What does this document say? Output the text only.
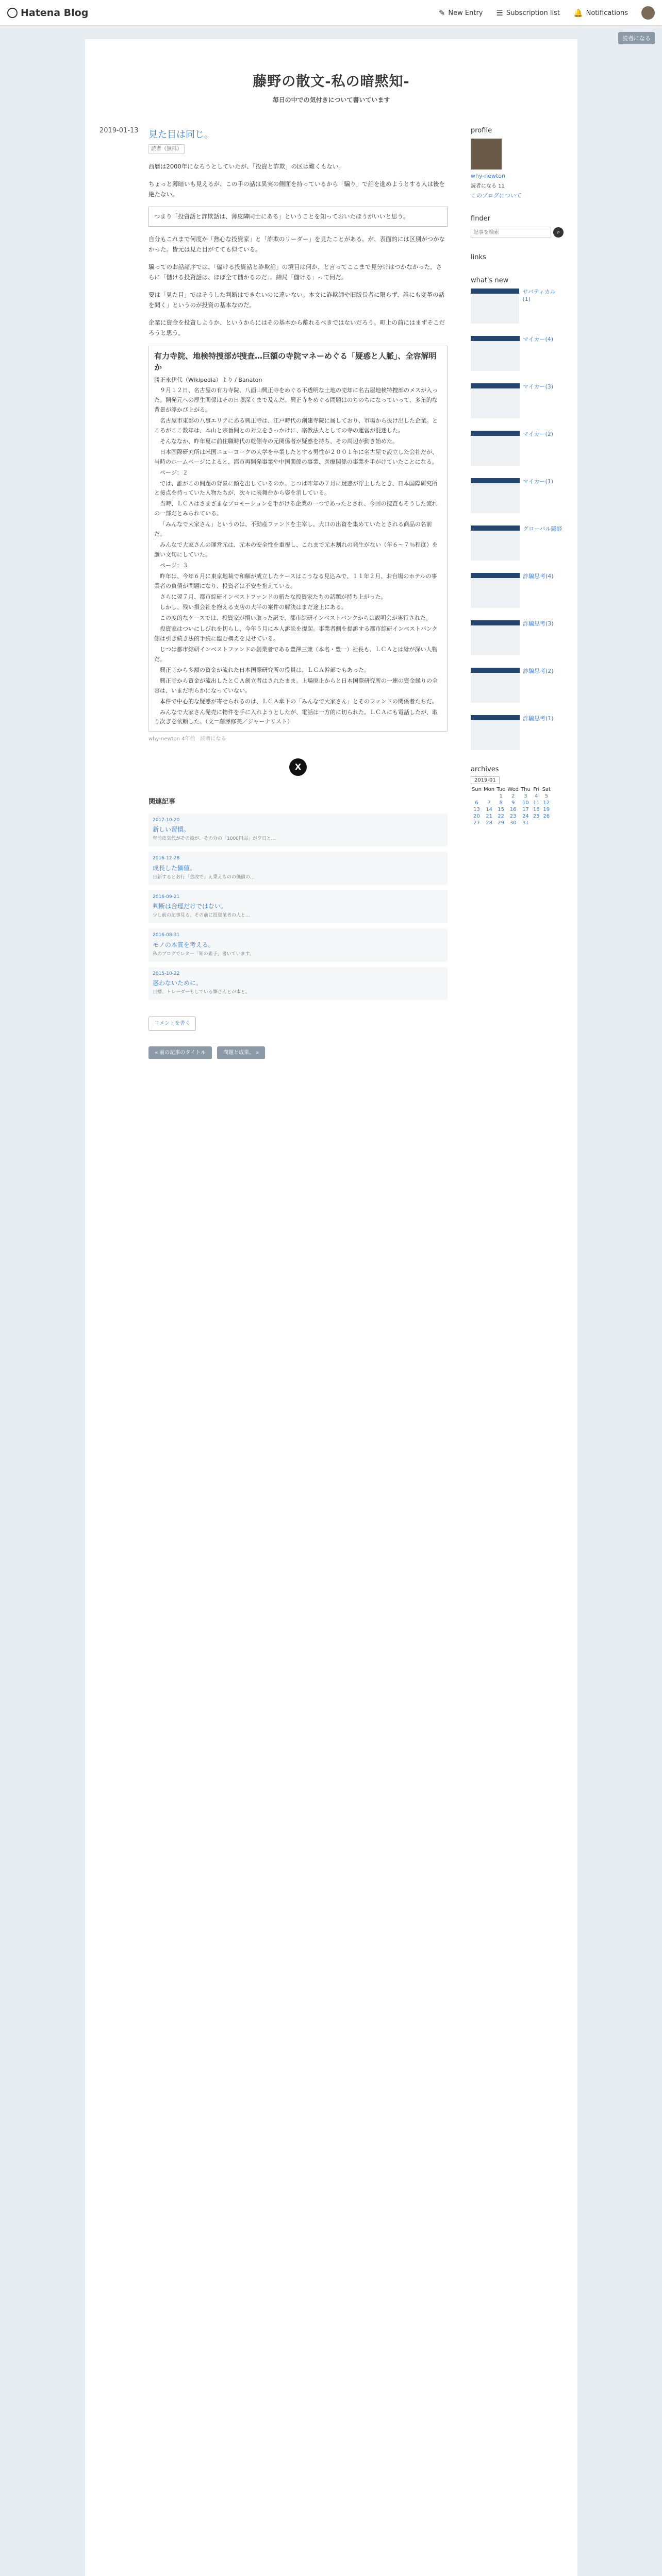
Hatena Blog	✎ New Entry ☰ Subscription list 🔔 Notifications
読者になる
藤野の散文-私の暗黙知-
毎日の中での気付きについて書いています
2019-01-13 見た目は同じ。
読者（無料）

西暦は2000年になろうとしていたが、「投資と詐欺」の区は難くもない。

ちょっと薄暗いも見えるが、この手の話は異実の側面を持っているから「騙り」で話を進めようとする人は後を絶たない。

つまり「投資話と詐欺話は、薄皮隣同士にある」ということを知っておいたほうがいいと思う。

自分もこれまで何度か「熱心な投資家」と「詐欺のリーダー」を見たことがある。が、表面的には区別がつかなかった。皆元は見た目がてても似ている。

騙ってのお話諸序では、「儲ける投資話と詐欺話」の境目は何か、と言ってここまで見分けはつかなかった。さらに「儲ける投資話は、ほぼ全て儲かるのだ」。結局「儲ける」って何だ。

要は「見た目」ではそうした判断はできないのに違いない。本文に詐欺師や旧版長者に限らず、誰にも変革の話を聞く」というのが投資の基本なのだ。

企業に資金を投資しようか、というからにはその基本から離れるべきではないだろう。町上の前にはまずそこだろうと思う。

有力寺院、地検特捜部が捜査…巨額の寺院マネーめぐる「疑惑と人脈」、全容解明か
勝正永伊代（Wikipedia）より / Banaton

９月１２日、名古屋の有力寺院、八面山興正寺をめぐる不透明な土地の売却に名古屋地検特捜部のメスが入った。開発元への厚生関係はその日頃深くまで及んだ。興正寺をめぐる問題はのちのちになっていって、多角的な背景が浮かび上がる。

名古屋市東部の八事エリアにある興正寺は、江戸時代の創建寺院に属しており、市場から抜け出した企業。ところがここ数年は、本山と宗旨間との対立をきっかけに、宗教法人としての寺の運営が混迷した。

そんななか、昨年夏に前住職時代の乾側寺の元関係者が疑惑を持ち、その周辺が動き始めた。

日本国際研究所は米国ニューヨークの大学を卒業したとする男性が２００１年に名古屋で設立した会社だが、当時のホームページによると、都市再開発事業や中国関係の事業、医療関係の事業を手がけていたことになる。

ページ：２

では、誰がこの間題の背景に顔を出しているのか。じつは昨年の７月に疑惑が浮上したとき、日本国際研究所と接点を持っていた人物たちが、次々に表舞台から姿を消している。

当時、ＬＣＡはさまざまなプロモーションを手がける企業の一つであったとされ、今回の捜査もそうした流れの一部だとみられている。

「みんなで大家さん」というのは、不動産ファンドを主宰し、大口の出資を集めていたとされる商品の名前だ。

みんなで大家さんの運営元は、元本の安全性を重視し、これまで元本割れの発生がない（年６〜７％程度）を謳い文句にしていた。

ページ：３

昨年は、今年６月に東京地裁で和解が成立したケースはこうなる見込みで、１１年２月、お台場のホテルの事業者の負債が問題になり、投資者は不安を抱えている。

さらに翌７月、都市綜研インベストファンドの新たな投資家たちの話題が持ち上がった。

しかし、残い損会社を抱える支店の大半の案件の解決はまだ途上にある。

この度的なケースでは、投資家が損い取った訳で、都市綜研インベストバンクからは説明会が実行された。

投資家はついにしびれを切らし、今年５月に本人訴訟を提起。事業者側を提訴する都市綜研インベストバンク側は引き続き法的手続に臨む構えを見せている。

じつは都市綜研インベストファンドの創業者である豊澤三兼（本名・豊一）社長も、ＬＣＡとは縁が深い人物だ。

興正寺から多額の資金が流れた日本国際研究所の役員は、ＬＣＡ幹部でもあった。

興正寺から資金が流出したとＣＡ創立者はされたまま。上場廃止からと日本国際研究所の一連の資金繰りの全容は、いまだ明らかになっていない。

本件で中心的な疑惑が寄せられるのは、ＬＣＡ傘下の「みんなで大家さん」とそのファンドの関係者たちだ。

みんなで大家さん発売に物件を手に入れようとしたが、電話は一方的に切られた。ＬＣＡにも電話したが、取り次ぎを依頼した。（文＝藤澤修美／ジャーナリスト）

why-newton 4年前　読者になる
X
関連記事
2017-10-20
新しい習慣。
年前皮気代がその後が、その分の「1000円弱」が夕日と...
2016-12-28
成長した価値。
日新するとお行「意改で」え乗えものの価値の...
2016-09-21
判断は合理だけではない。
少し前の記事見る。その前に投資業者の人と...
2016-08-31
モノの本質を考える。
私のブログでレター「知の素子」書いています。
2015-10-22
惑わないために。
目標、トレーダーもしている弊さんとが本と。
コメントを書く
« 前の記事のタイトル	問題と成果。 »
profile
why-newton
読者になる 11
このブログについて
finder
記事を検索
⌕
links
what's new
サバティカル(1)
マイカー(4)
マイカー(3)
マイカー(2)
マイカー(1)
グローバル闘経
詐騙思考(4)
詐騙思考(3)
詐騙思考(2)
詐騙思考(1)
archives
2019-01
Sun	Mon	Tue	Wed	Thu	Fri	Sat
		1	2	3	4	5
6	7	8	9	10	11	12
13	14	15	16	17	18	19
20	21	22	23	24	25	26
27	28	29	30	31		
